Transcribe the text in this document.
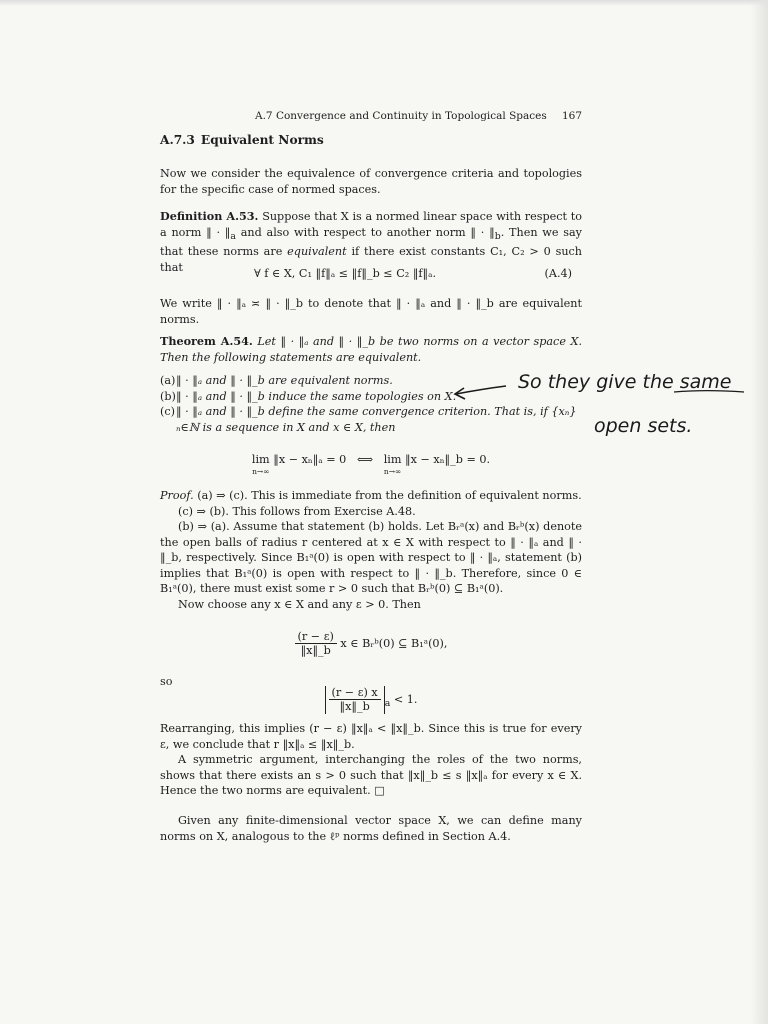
A.7 Convergence and Continuity in Topological Spaces 167
A.7.3 Equivalent Norms

Now we consider the equivalence of convergence criteria and topologies for the specific case of normed spaces.

Definition A.53. Suppose that X is a normed linear space with respect to a norm ‖ · $‖_a$ and also with respect to another norm ‖ · $‖_b$. Then we say that these norms are equivalent if there exist constants C₁, C₂ > 0 such that	∀ f ∈ X, C₁ ‖f‖ₐ ≤ ‖f‖_b ≤ C₂ ‖f‖ₐ.	(A.4)

We write ‖ · ‖ₐ ≍ ‖ · ‖_b to denote that ‖ · ‖ₐ and ‖ · ‖_b are equivalent norms.

Theorem A.54. Let ‖ · ‖ₐ and ‖ · ‖_b be two norms on a vector space X. Then the following statements are equivalent.

(a) ‖ · ‖ₐ and ‖ · ‖_b are equivalent norms.
(b) ‖ · ‖ₐ and ‖ · ‖_b induce the same topologies on X.
(c) ‖ · ‖ₐ and ‖ · ‖_b define the same convergence criterion. That is, if {xₙ}ₙ∈ℕ is a sequence in X and x ∈ X, then
lim
n→∞
‖x − xₙ‖ₐ = 0 ⟺ lim
n→∞
‖x − xₙ‖_b = 0.

Proof. (a) ⇒ (c). This is immediate from the definition of equivalent norms.

(c) ⇒ (b). This follows from Exercise A.48.

(b) ⇒ (a). Assume that statement (b) holds. Let Bᵣᵃ(x) and Bᵣᵇ(x) denote the open balls of radius r centered at x ∈ X with respect to ‖ · ‖ₐ and ‖ · ‖_b, respectively. Since B₁ᵃ(0) is open with respect to ‖ · ‖ₐ, statement (b) implies that B₁ᵃ(0) is open with respect to ‖ · ‖_b. Therefore, since 0 ∈ B₁ᵃ(0), there must exist some r > 0 such that Bᵣᵇ(0) ⊆ B₁ᵃ(0).

Now choose any x ∈ X and any ε > 0. Then

$\frac{(r - \varepsilon)}{‖x‖\_b}$ x ∈ Bᵣᵇ(0) ⊆ B₁ᵃ(0),
so
$\frac{(r - \varepsilon) x}{‖x‖\_b} _a < 1$.

Rearranging, this implies (r − ε) ‖x‖ₐ < ‖x‖_b. Since this is true for every ε, we conclude that r ‖x‖ₐ ≤ ‖x‖_b.

A symmetric argument, interchanging the roles of the two norms, shows that there exists an s > 0 such that ‖x‖_b ≤ s ‖x‖ₐ for every x ∈ X. Hence the two norms are equivalent. □

Given any finite-dimensional vector space X, we can define many norms on X, analogous to the ℓᵖ norms defined in Section A.4.

So they give the same
open sets.
